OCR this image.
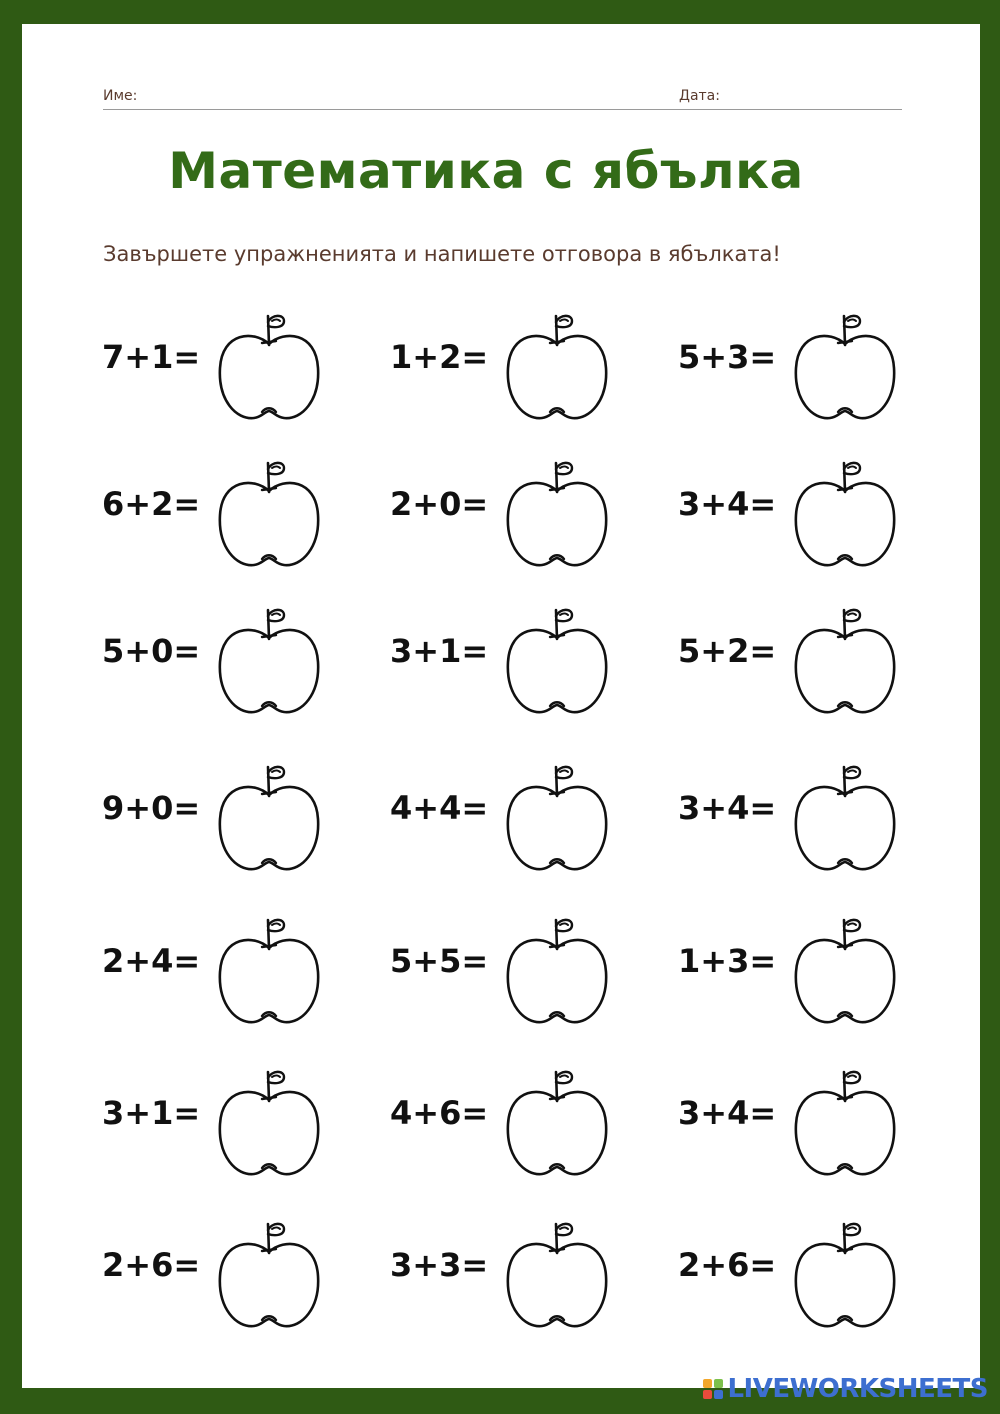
Име:	Дата:
Математика с ябълка
Завършете упражненията и напишете отговора в ябълката!
7+1=	1+2=	5+3=
6+2=	2+0=	3+4=
5+0=	3+1=	5+2=
9+0=	4+4=	3+4=
2+4=	5+5=	1+3=
3+1=	4+6=	3+4=
2+6=	3+3=	2+6=
LIVEWORKSHEETS
